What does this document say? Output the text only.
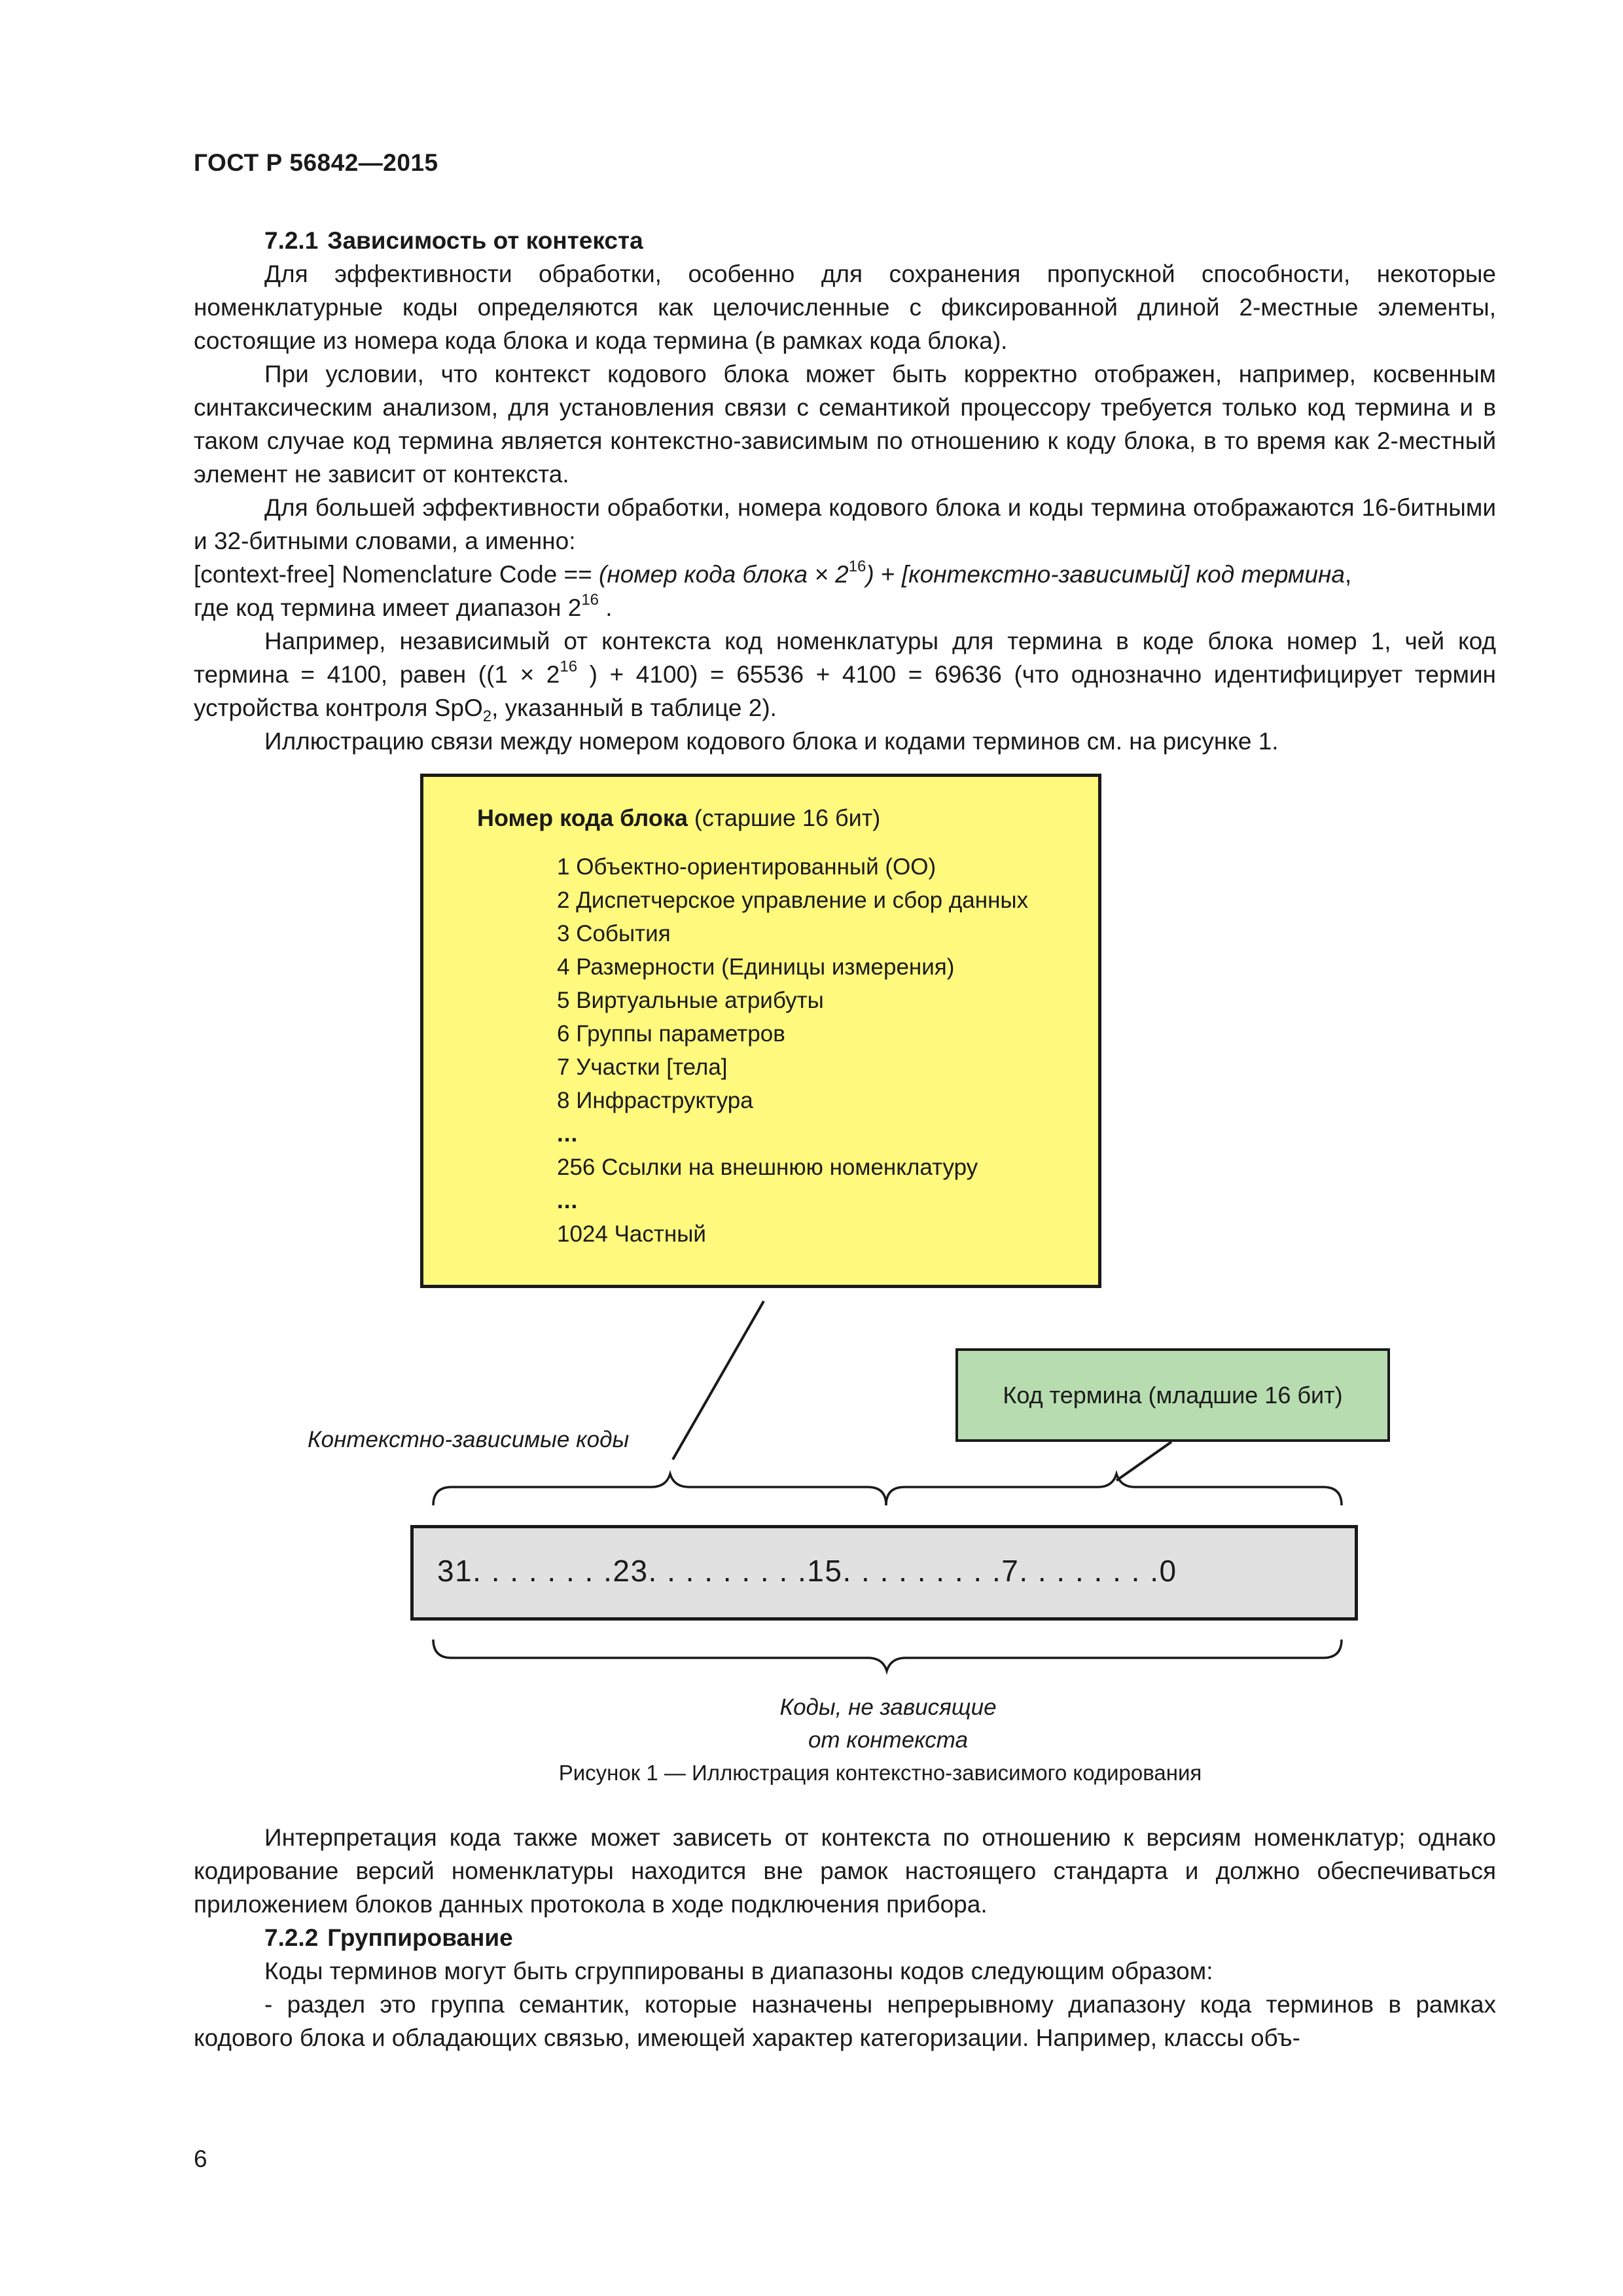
ГОСТ Р 56842—2015

7.2.1 Зависимость от контекста

Для эффективности обработки, особенно для сохранения пропускной способности, некоторые номенклатурные коды определяются как целочисленные с фиксированной длиной 2-местные элементы, состоящие из номера кода блока и кода термина (в рамках кода блока).

При условии, что контекст кодового блока может быть корректно отображен, например, косвенным синтаксическим анализом, для установления связи с семантикой процессору требуется только код термина и в таком случае код термина является контекстно-зависимым по отношению к коду блока, в то время как 2-местный элемент не зависит от контекста.

Для большей эффективности обработки, номера кодового блока и коды термина отображаются 16-битными и 32-битными словами, а именно:

[context-free] Nomenclature Code == (номер кода блока × $2^{16}$) + [контекстно-зависимый] код термина,

где код термина имеет диапазон $2^{16}$ .

Например, независимый от контекста код номенклатуры для термина в коде блока номер 1, чей код термина = 4100, равен (($1 \times 2^{16}$ ) + 4100) = 65536 + 4100 = 69636 (что однозначно идентифицирует термин устройства контроля SpO$_2$, указанный в таблице 2).

Иллюстрацию связи между номером кодового блока и кодами терминов см. на рисунке 1.

Номер кода блока (старшие 16 бит)
1 Объектно-ориентированный (ОО)
2 Диспетчерское управление и сбор данных
3 События
4 Размерности (Единицы измерения)
5 Виртуальные атрибуты
6 Группы параметров
7 Участки [тела]
8 Инфраструктура
...
256 Ссылки на внешнюю номенклатуру
...
1024 Частный
Код термина (младшие 16 бит)
Контекстно-зависимые коды
31. . . . . . . .23. . . . . . . . .15. . . . . . . . .7. . . . . . . .0
Коды, не зависящие
от контекста
Рисунок 1 — Иллюстрация контекстно-зависимого кодирования

Интерпретация кода также может зависеть от контекста по отношению к версиям номенклатур; однако кодирование версий номенклатуры находится вне рамок настоящего стандарта и должно обеспечиваться приложением блоков данных протокола в ходе подключения прибора.

7.2.2 Группирование

Коды терминов могут быть сгруппированы в диапазоны кодов следующим образом:

- раздел это группа семантик, которые назначены непрерывному диапазону кода терминов в рамках кодового блока и обладающих связью, имеющей характер категоризации. Например, классы объ-

6
